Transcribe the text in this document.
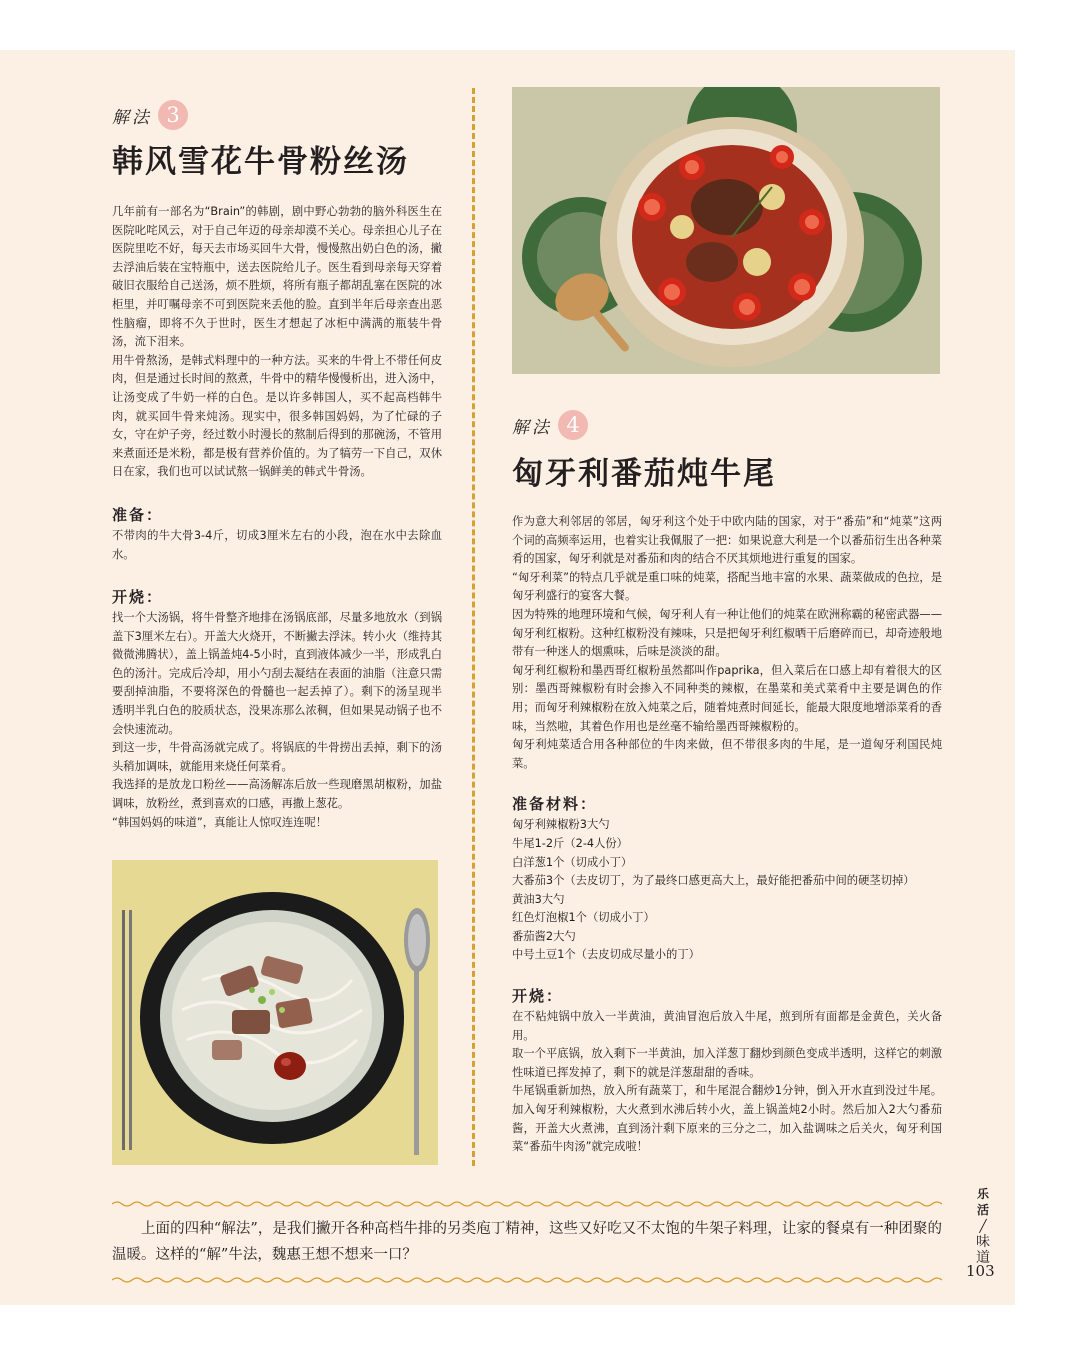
解法 3
韩风雪花牛骨粉丝汤

几年前有一部名为“Brain”的韩剧，剧中野心勃勃的脑外科医生在医院叱咤风云，对于自己年迈的母亲却漠不关心。母亲担心儿子在医院里吃不好，每天去市场买回牛大骨，慢慢熬出奶白色的汤，撇去浮油后装在宝特瓶中，送去医院给儿子。医生看到母亲每天穿着破旧衣服给自己送汤，烦不胜烦，将所有瓶子都胡乱塞在医院的冰柜里，并叮嘱母亲不可到医院来丢他的脸。直到半年后母亲查出恶性脑瘤，即将不久于世时，医生才想起了冰柜中满满的瓶装牛骨汤，流下泪来。

用牛骨熬汤，是韩式料理中的一种方法。买来的牛骨上不带任何皮肉，但是通过长时间的熬煮，牛骨中的精华慢慢析出，进入汤中，让汤变成了牛奶一样的白色。是以许多韩国人，买不起高档韩牛肉，就买回牛骨来炖汤。现实中，很多韩国妈妈，为了忙碌的子女，守在炉子旁，经过数小时漫长的熬制后得到的那碗汤，不管用来煮面还是米粉，都是极有营养价值的。为了犒劳一下自己，双休日在家，我们也可以试试熬一锅鲜美的韩式牛骨汤。

准备：

不带肉的牛大骨3-4斤，切成3厘米左右的小段，泡在水中去除血水。

开烧：

找一个大汤锅，将牛骨整齐地排在汤锅底部，尽量多地放水（到锅盖下3厘米左右）。开盖大火烧开，不断撇去浮沫。转小火（维持其微微沸腾状），盖上锅盖炖4-5小时，直到液体减少一半，形成乳白色的汤汁。完成后冷却，用小勺刮去凝结在表面的油脂（注意只需要刮掉油脂，不要将深色的骨髓也一起丢掉了）。剩下的汤呈现半透明半乳白色的胶质状态，没果冻那么浓稠，但如果晃动锅子也不会快速流动。

到这一步，牛骨高汤就完成了。将锅底的牛骨捞出丢掉，剩下的汤头稍加调味，就能用来烧任何菜肴。

我选择的是放龙口粉丝——高汤解冻后放一些现磨黑胡椒粉，加盐调味，放粉丝，煮到喜欢的口感，再撒上葱花。

“韩国妈妈的味道”，真能让人惊叹连连呢！

解法 4
匈牙利番茄炖牛尾

作为意大利邻居的邻居，匈牙利这个处于中欧内陆的国家，对于“番茄”和“炖菜”这两个词的高频率运用，也着实让我佩服了一把：如果说意大利是一个以番茄衍生出各种菜肴的国家，匈牙利就是对番茄和肉的结合不厌其烦地进行重复的国家。

“匈牙利菜”的特点几乎就是重口味的炖菜，搭配当地丰富的水果、蔬菜做成的色拉，是匈牙利盛行的宴客大餐。

因为特殊的地理环境和气候，匈牙利人有一种让他们的炖菜在欧洲称霸的秘密武器——匈牙利红椒粉。这种红椒粉没有辣味，只是把匈牙利红椒晒干后磨碎而已，却奇迹般地带有一种迷人的烟熏味，后味是淡淡的甜。

匈牙利红椒粉和墨西哥红椒粉虽然都叫作paprika，但入菜后在口感上却有着很大的区别：墨西哥辣椒粉有时会掺入不同种类的辣椒，在墨菜和美式菜肴中主要是调色的作用；而匈牙利辣椒粉在放入炖菜之后，随着炖煮时间延长，能最大限度地增添菜肴的香味，当然啦，其着色作用也是丝毫不输给墨西哥辣椒粉的。

匈牙利炖菜适合用各种部位的牛肉来做，但不带很多肉的牛尾，是一道匈牙利国民炖菜。

准备材料：

匈牙利辣椒粉3大勺

牛尾1-2斤（2-4人份）

白洋葱1个（切成小丁）

大番茄3个（去皮切丁，为了最终口感更高大上，最好能把番茄中间的硬茎切掉）

黄油3大勺

红色灯泡椒1个（切成小丁）

番茄酱2大勺

中号土豆1个（去皮切成尽量小的丁）

开烧：

在不粘炖锅中放入一半黄油，黄油冒泡后放入牛尾，煎到所有面都是金黄色，关火备用。

取一个平底锅，放入剩下一半黄油，加入洋葱丁翻炒到颜色变成半透明，这样它的刺激性味道已挥发掉了，剩下的就是洋葱甜甜的香味。

牛尾锅重新加热，放入所有蔬菜丁，和牛尾混合翻炒1分钟，倒入开水直到没过牛尾。加入匈牙利辣椒粉，大火煮到水沸后转小火，盖上锅盖炖2小时。然后加入2大勺番茄酱，开盖大火煮沸，直到汤汁剩下原来的三分之二，加入盐调味之后关火，匈牙利国菜“番茄牛肉汤”就完成啦！

上面的四种“解法”，是我们撇开各种高档牛排的另类庖丁精神，这些又好吃又不太饱的牛架子料理，让家的餐桌有一种团聚的温暖。这样的“解”牛法，魏惠王想不想来一口？
乐活
╱
味道
103
